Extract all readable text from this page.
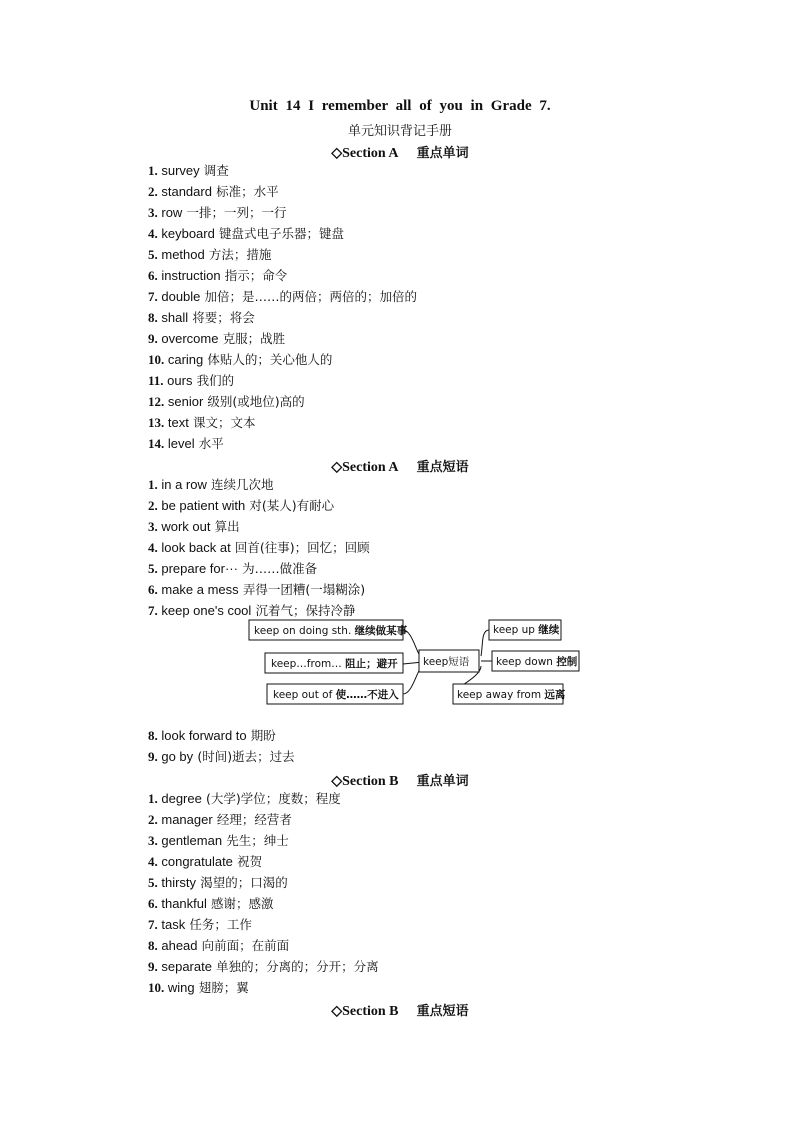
Unit 14 I remember all of you in Grade 7.
单元知识背记手册
◇Section A 重点单词
1. survey 调查
2. standard 标准；水平
3. row 一排；一列；一行
4. keyboard 键盘式电子乐器；键盘
5. method 方法；措施
6. instruction 指示；命令
7. double 加倍；是……的两倍；两倍的；加倍的
8. shall 将要；将会
9. overcome 克服；战胜
10. caring 体贴人的；关心他人的
11. ours 我们的
12. senior 级别(或地位)高的
13. text 课文；文本
14. level 水平
◇Section A 重点短语
1. in a row 连续几次地
2. be patient with 对(某人)有耐心
3. work out 算出
4. look back at 回首(往事)；回忆；回顾
5. prepare for··· 为……做准备
6. make a mess 弄得一团糟(一塌糊涂)
7. keep one's cool 沉着气；保持冷静
keep on doing sth. 继续做某事
keep…from… 阻止；避开
keep out of 使……不进入
keep短语
keep up 继续
keep down 控制
keep away from 远离
8. look forward to 期盼
9. go by (时间)逝去；过去
◇Section B 重点单词
1. degree (大学)学位；度数；程度
2. manager 经理；经营者
3. gentleman 先生；绅士
4. congratulate 祝贺
5. thirsty 渴望的；口渴的
6. thankful 感谢；感激
7. task 任务；工作
8. ahead 向前面；在前面
9. separate 单独的；分离的；分开；分离
10. wing 翅膀；翼
◇Section B 重点短语
